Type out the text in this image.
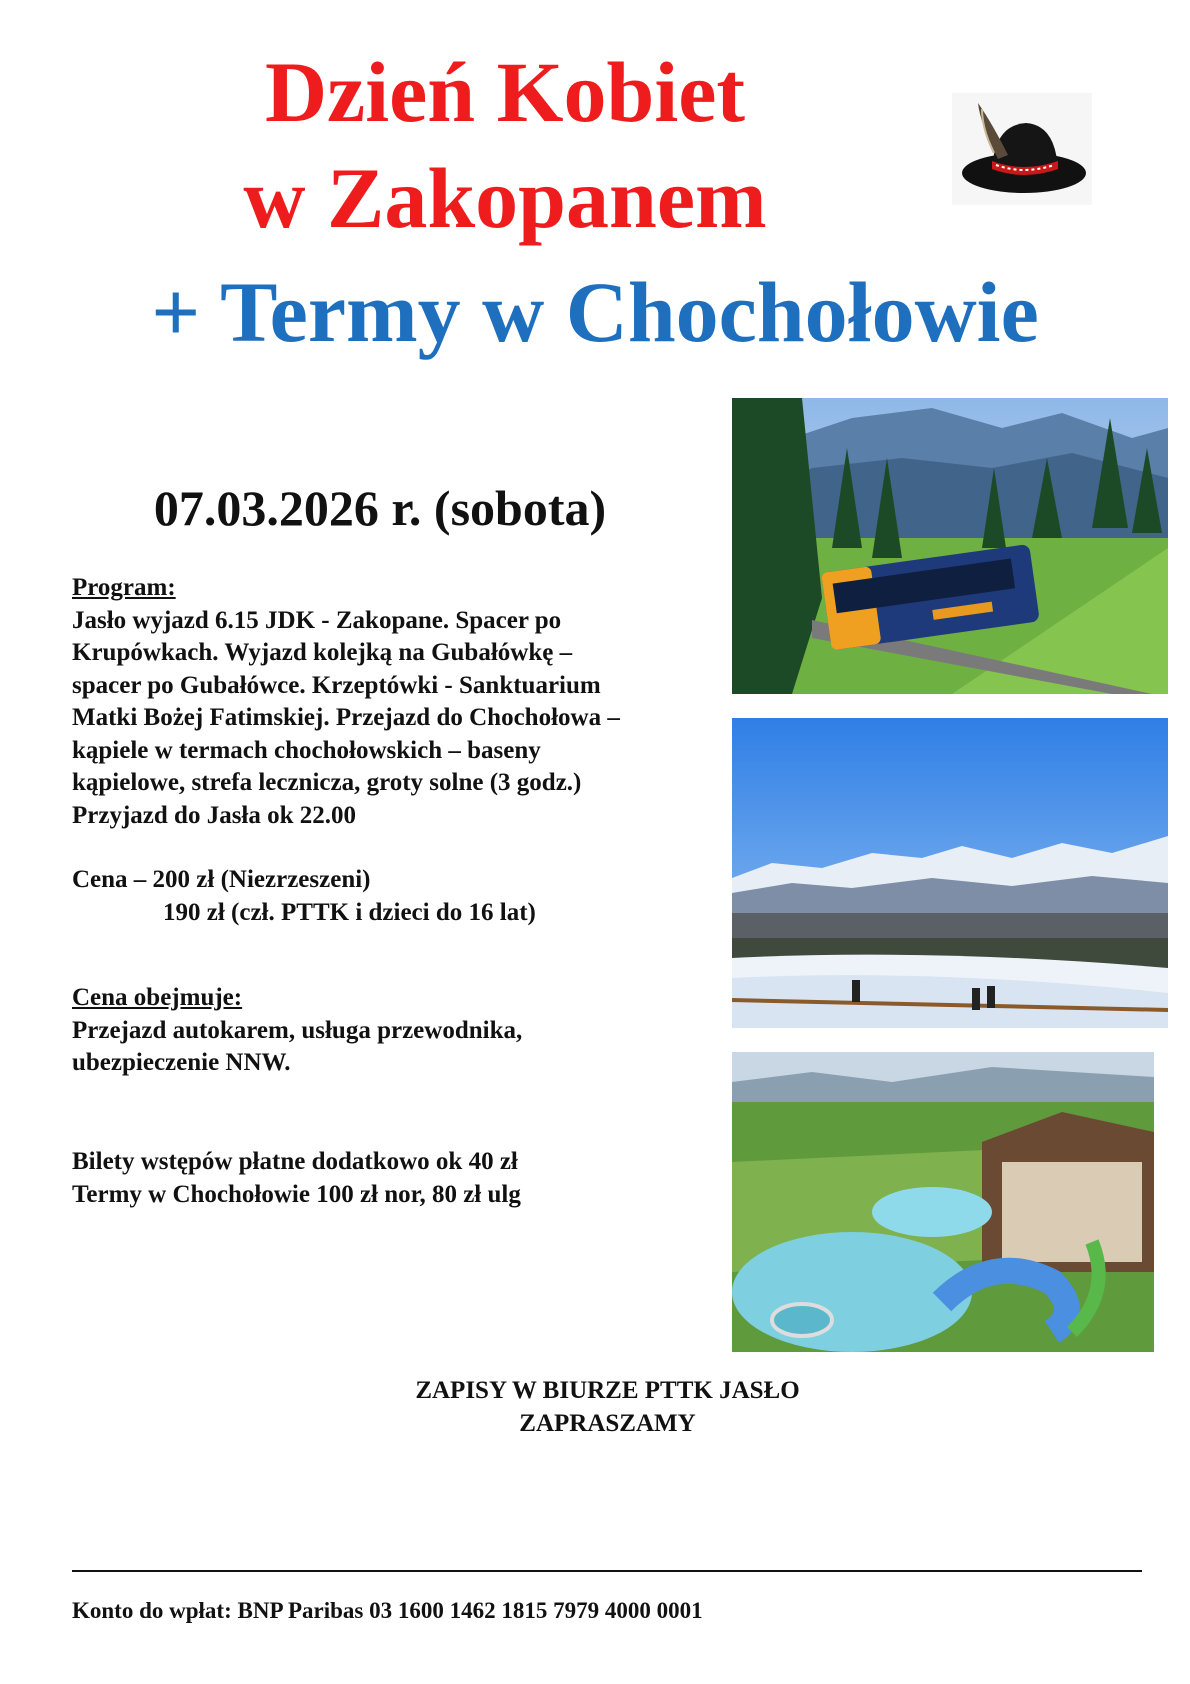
Dzień Kobiet
w Zakopanem
+ Termy w Chochołowie
07.03.2026 r. (sobota)
Program:
Jasło wyjazd 6.15 JDK - Zakopane. Spacer po
Krupówkach. Wyjazd kolejką na Gubałówkę –
spacer po Gubałówce. Krzeptówki - Sanktuarium
Matki Bożej Fatimskiej. Przejazd do Chochołowa –
kąpiele w termach chochołowskich – baseny
kąpielowe, strefa lecznicza, groty solne (3 godz.)
Przyjazd do Jasła ok 22.00
Cena – 200 zł (Niezrzeszeni)
190 zł (czł. PTTK i dzieci do 16 lat)
Cena obejmuje:
Przejazd autokarem, usługa przewodnika,
ubezpieczenie NNW.
Bilety wstępów płatne dodatkowo ok 40 zł
Termy w Chochołowie 100 zł nor, 80 zł ulg
ZAPISY W BIURZE PTTK JASŁO
ZAPRASZAMY
Konto do wpłat: BNP Paribas 03 1600 1462 1815 7979 4000 0001
